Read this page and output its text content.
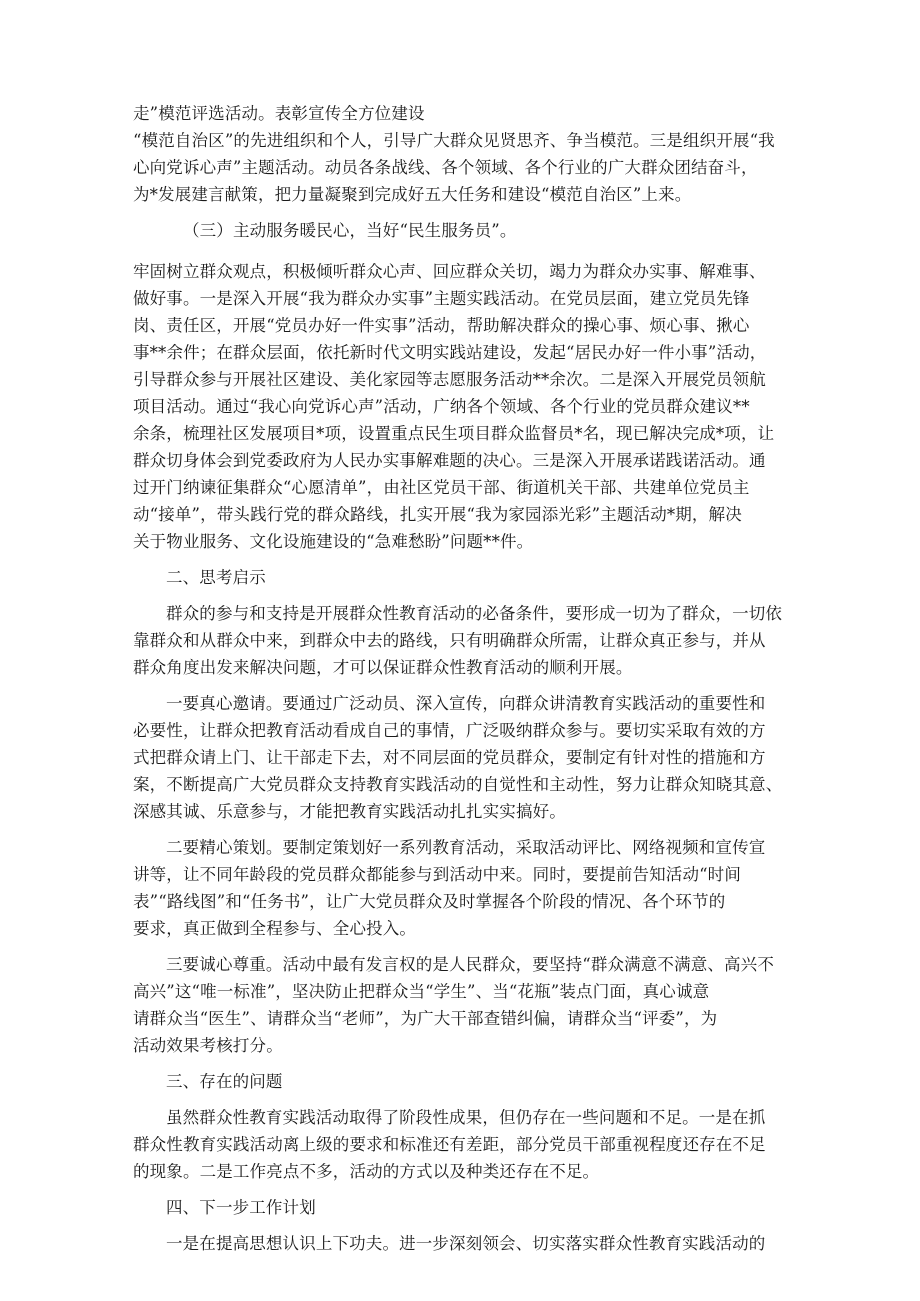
走”模范评选活动。表彰宣传全方位建设

“模范自治区”的先进组织和个人，引导广大群众见贤思齐、争当模范。三是组织开展“我

心向党诉心声”主题活动。动员各条战线、各个领域、各个行业的广大群众团结奋斗，

为*发展建言献策，把力量凝聚到完成好五大任务和建设“模范自治区”上来。

（三）主动服务暖民心，当好“民生服务员”。

牢固树立群众观点，积极倾听群众心声、回应群众关切，竭力为群众办实事、解难事、

做好事。一是深入开展“我为群众办实事”主题实践活动。在党员层面，建立党员先锋

岗、责任区，开展“党员办好一件实事”活动，帮助解决群众的操心事、烦心事、揪心

事**余件；在群众层面，依托新时代文明实践站建设，发起“居民办好一件小事”活动，

引导群众参与开展社区建设、美化家园等志愿服务活动**余次。二是深入开展党员领航

项目活动。通过“我心向党诉心声”活动，广纳各个领域、各个行业的党员群众建议**

余条，梳理社区发展项目*项，设置重点民生项目群众监督员*名，现已解决完成*项，让

群众切身体会到党委政府为人民办实事解难题的决心。三是深入开展承诺践诺活动。通

过开门纳谏征集群众“心愿清单”，由社区党员干部、街道机关干部、共建单位党员主

动“接单”，带头践行党的群众路线，扎实开展“我为家园添光彩”主题活动*期，解决

关于物业服务、文化设施建设的“急难愁盼”问题**件。

二、思考启示

群众的参与和支持是开展群众性教育活动的必备条件，要形成一切为了群众，一切依

靠群众和从群众中来，到群众中去的路线，只有明确群众所需，让群众真正参与，并从

群众角度出发来解决问题，才可以保证群众性教育活动的顺利开展。

一要真心邀请。要通过广泛动员、深入宣传，向群众讲清教育实践活动的重要性和

必要性，让群众把教育活动看成自己的事情，广泛吸纳群众参与。要切实采取有效的方

式把群众请上门、让干部走下去，对不同层面的党员群众，要制定有针对性的措施和方

案，不断提高广大党员群众支持教育实践活动的自觉性和主动性，努力让群众知晓其意、

深感其诚、乐意参与，才能把教育实践活动扎扎实实搞好。

二要精心策划。要制定策划好一系列教育活动，采取活动评比、网络视频和宣传宣

讲等，让不同年龄段的党员群众都能参与到活动中来。同时，要提前告知活动“时间

表”“路线图”和“任务书”，让广大党员群众及时掌握各个阶段的情况、各个环节的

要求，真正做到全程参与、全心投入。

三要诚心尊重。活动中最有发言权的是人民群众，要坚持“群众满意不满意、高兴不

高兴”这“唯一标准”，坚决防止把群众当“学生”、当“花瓶”装点门面，真心诚意

请群众当“医生”、请群众当“老师”，为广大干部查错纠偏，请群众当“评委”，为

活动效果考核打分。

三、存在的问题

虽然群众性教育实践活动取得了阶段性成果，但仍存在一些问题和不足。一是在抓

群众性教育实践活动离上级的要求和标准还有差距，部分党员干部重视程度还存在不足

的现象。二是工作亮点不多，活动的方式以及种类还存在不足。

四、下一步工作计划

一是在提高思想认识上下功夫。进一步深刻领会、切实落实群众性教育实践活动的
